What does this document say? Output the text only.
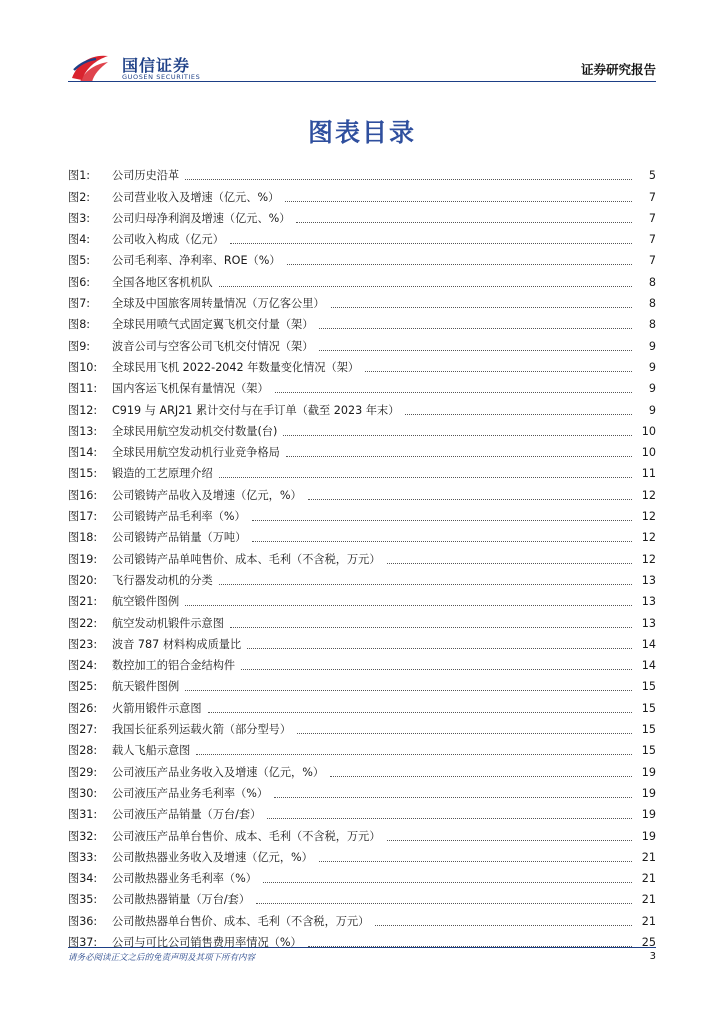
国信证券
GUOSEN SECURITIES	证券研究报告
图表目录
图1:	公司历史沿革	5
图2:	公司营业收入及增速（亿元、%）	7
图3:	公司归母净利润及增速（亿元、%）	7
图4:	公司收入构成（亿元）	7
图5:	公司毛利率、净利率、ROE（%）	7
图6:	全国各地区客机机队	8
图7:	全球及中国旅客周转量情况（万亿客公里）	8
图8:	全球民用喷气式固定翼飞机交付量（架）	8
图9:	波音公司与空客公司飞机交付情况（架）	9
图10:	全球民用飞机 2022-2042 年数量变化情况（架）	9
图11:	国内客运飞机保有量情况（架）	9
图12:	C919 与 ARJ21 累计交付与在手订单（截至 2023 年末）	9
图13:	全球民用航空发动机交付数量(台)	10
图14:	全球民用航空发动机行业竞争格局	10
图15:	锻造的工艺原理介绍	11
图16:	公司锻铸产品收入及增速（亿元，%）	12
图17:	公司锻铸产品毛利率（%）	12
图18:	公司锻铸产品销量（万吨）	12
图19:	公司锻铸产品单吨售价、成本、毛利（不含税，万元）	12
图20:	飞行器发动机的分类	13
图21:	航空锻件图例	13
图22:	航空发动机锻件示意图	13
图23:	波音 787 材料构成质量比	14
图24:	数控加工的铝合金结构件	14
图25:	航天锻件图例	15
图26:	火箭用锻件示意图	15
图27:	我国长征系列运载火箭（部分型号）	15
图28:	载人飞船示意图	15
图29:	公司液压产品业务收入及增速（亿元，%）	19
图30:	公司液压产品业务毛利率（%）	19
图31:	公司液压产品销量（万台/套）	19
图32:	公司液压产品单台售价、成本、毛利（不含税，万元）	19
图33:	公司散热器业务收入及增速（亿元，%）	21
图34:	公司散热器业务毛利率（%）	21
图35:	公司散热器销量（万台/套）	21
图36:	公司散热器单台售价、成本、毛利（不含税，万元）	21
图37:	公司与可比公司销售费用率情况（%）	25
请务必阅读正文之后的免责声明及其项下所有内容	3
